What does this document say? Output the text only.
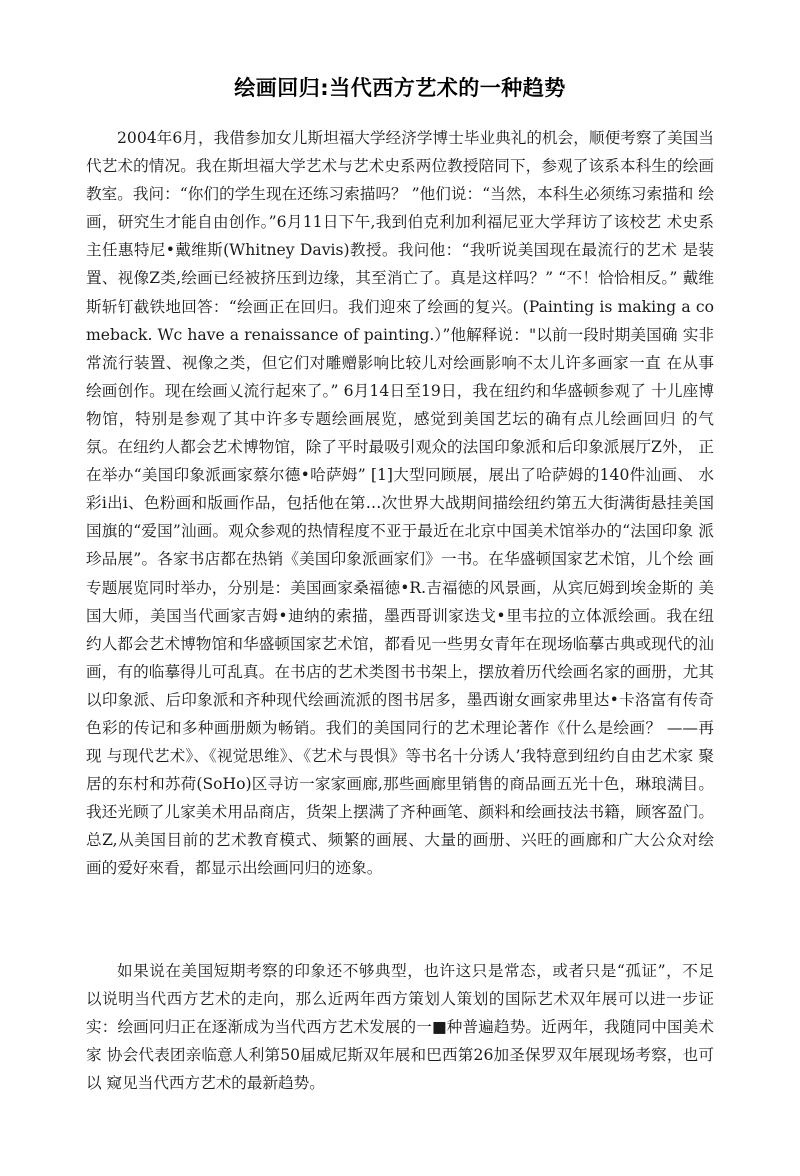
绘画回归:当代西方艺术的一种趋势

2004年6月，我借参加女儿斯坦福大学经济学博士毕业典礼的机会，顺便考察了美国当 代艺术的情况。我在斯坦福大学艺术与艺术史系两位教授陪同下，参观了该系本科生的绘画 教室。我问：“你们的学生现在还练习索描吗？ ”他们说：“当然，本科生必须练习索描和 绘画，研究生才能自由创作。”6月11日下午,我到伯克利加利福尼亚大学拜访了该校艺 术史系主任惠特尼•戴维斯(Whitney Davis)教授。我问他：“我听说美国现在最流行的艺术 是装置、视像Z类,绘画已经被挤压到边缘，其至消亡了。真是这样吗？” “不！恰恰相反。” 戴维斯斩钉截铁地回答：“绘画正在回归。我们迎來了绘画的复兴。(Painting is making a comeback. Wc have a renaissance of painting.）”他解释说："以前一段时期美国确 实非常流行装置、视像之类，但它们对雕赠影响比较儿对绘画影响不太儿许多画家一直 在从事绘画创作。现在绘画乂流行起來了。” 6月14日至19日，我在纽约和华盛顿参观了 十儿座博物馆，特别是参观了其中许多专题绘画展览，感觉到美国艺坛的确有点儿绘画回归 的气氛。在纽约人都会艺术博物馆，除了平时最吸引观众的法国印象派和后印象派展厅Z外， 正在举办“美国印象派画家蔡尔德•哈萨姆” [1]大型冋顾展，展出了哈萨姆的140件汕画、 水彩i出i、色粉画和版画作品，包括他在第…次世界大战期间描绘纽约第五大街满街悬挂美国 国旗的“爱国”汕画。观众参观的热情程度不亚于最近在北京中国美术馆举办的“法国印象 派珍品展”。各家书店都在热销《美国印象派画家们》一书。在华盛顿国家艺术馆，儿个绘 画专题展览同时举办，分别是：美国画家桑福徳•R.吉福徳的风景画，从宾厄姆到埃金斯的 美国大师，美国当代画家吉姆•迪纳的索描，墨西哥训家迭戈•里韦拉的立体派绘画。我在纽 约人都会艺术博物馆和华盛顿国家艺术馆，都看见一些男女青年在现场临摹古典或现代的汕 画，有的临摹得儿可乱真。在书店的艺术类图书书架上，摆放着历代绘画名家的画册，尤其 以印象派、后印象派和齐种现代绘画流派的图书居多，墨西谢女画家弗里达•卡洛富有传奇 色彩的传记和多种画册颇为畅销。我们的美国同行的艺术理论著作《什么是绘画？ ——再现 与现代艺术》、《视觉思维》、《艺术与畏惧》等书名十分诱人’我特意到纽约自由艺术家 聚居的东村和苏荷(SoHo)区寻访一家家画廊,那些画廊里销售的商品画五光十色，琳琅满目。 我还光顾了儿家美术用品商店，货架上摆满了齐种画笔、颜料和绘画技法书籍，顾客盈门。 总Z,从美国目前的艺术教育模式、频繁的画展、大量的画册、兴旺的画廊和广大公众对绘 画的爱好來看，都显示出绘画冋归的迹象。

如果说在美国短期考察的印象还不够典型，也许这只是常态，或者只是“孤证”，不足 以说明当代西方艺术的走向，那么近两年西方策划人策划的国际艺术双年展可以进一步证 实：绘画冋归正在逐渐成为当代西方艺术发展的一■种普遍趋势。近两年，我随同中国美术家 协会代表团亲临意人利第50届威尼斯双年展和巴西第26加圣保罗双年展现场考察，也可以 窥见当代西方艺术的最新趋势。
